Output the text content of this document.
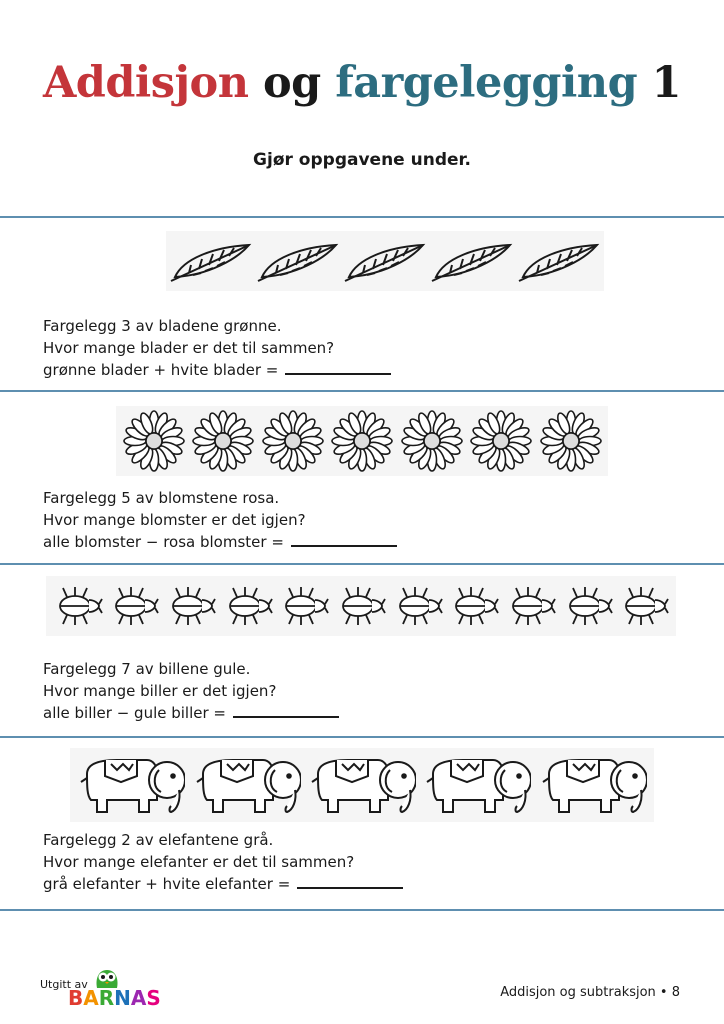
Addisjon og fargelegging 1
Gjør oppgavene under.
Fargelegg 3 av bladene grønne.
Hvor mange blader er det til sammen?
grønne blader + hvite blader =
Fargelegg 5 av blomstene rosa.
Hvor mange blomster er det igjen?
alle blomster − rosa blomster =
Fargelegg 7 av billene gule.
Hvor mange biller er det igjen?
alle biller − gule biller =
Fargelegg 2 av elefantene grå.
Hvor mange elefanter er det til sammen?
grå elefanter + hvite elefanter =
Utgitt av
BARNAS	Addisjon og subtraksjon • 8
